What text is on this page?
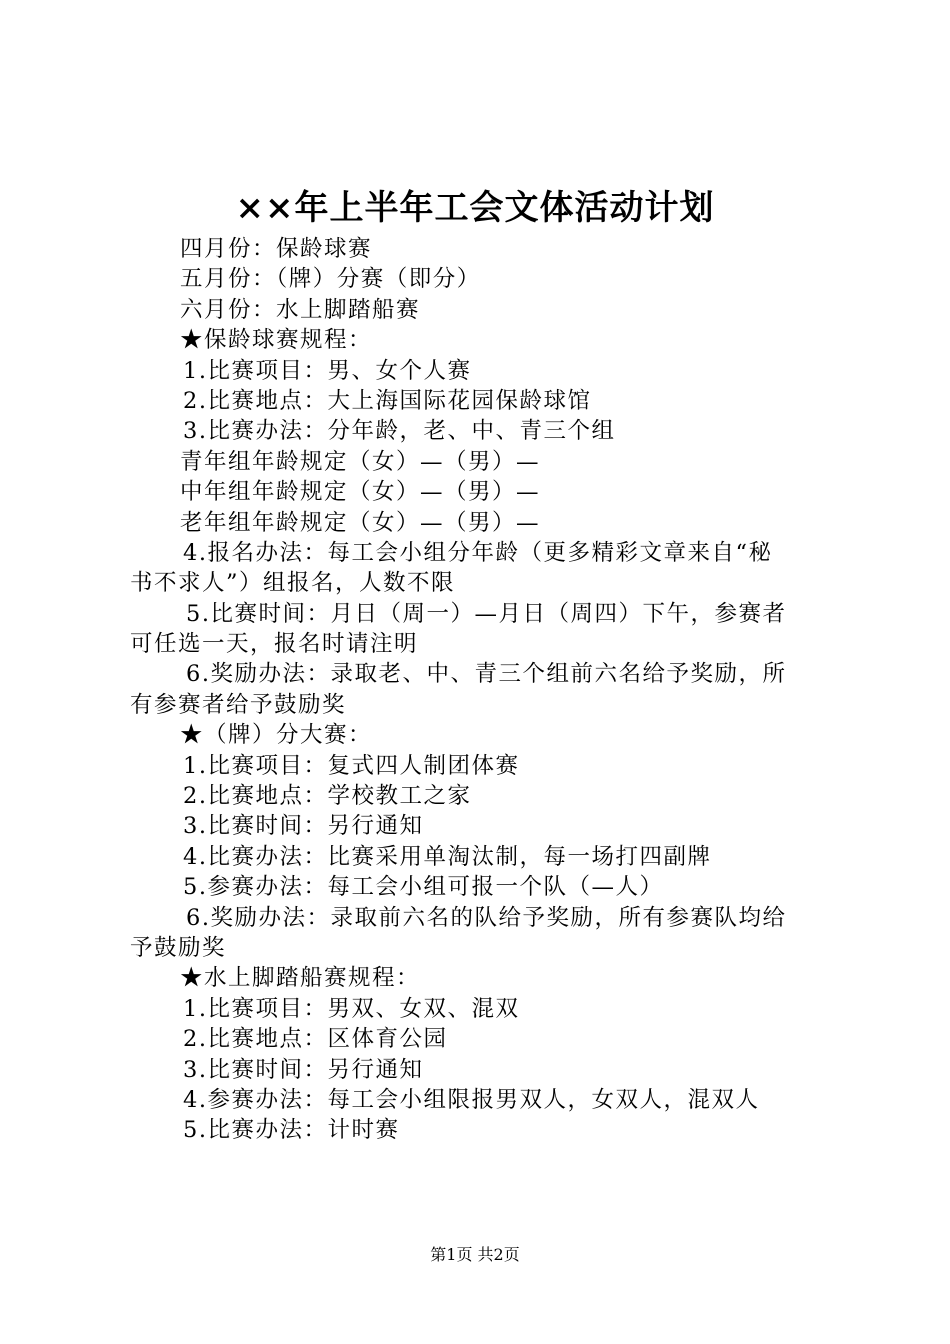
××年上半年工会文体活动计划
四月份：保龄球赛
五月份：（牌）分赛（即分）
六月份：水上脚踏船赛
★保龄球赛规程：
1.比赛项目：男、女个人赛
2.比赛地点：大上海国际花园保龄球馆
3.比赛办法：分年龄，老、中、青三个组
青年组年龄规定（女）—（男）—
中年组年龄规定（女）—（男）—
老年组年龄规定（女）—（男）—
4.报名办法：每工会小组分年龄（更多精彩文章来自“秘
书不求人”）组报名，人数不限
5.比赛时间：月日（周一）—月日（周四）下午，参赛者
可任选一天，报名时请注明
6.奖励办法：录取老、中、青三个组前六名给予奖励，所
有参赛者给予鼓励奖
★（牌）分大赛：
1.比赛项目：复式四人制团体赛
2.比赛地点：学校教工之家
3.比赛时间：另行通知
4.比赛办法：比赛采用单淘汰制，每一场打四副牌
5.参赛办法：每工会小组可报一个队（—人）
6.奖励办法：录取前六名的队给予奖励，所有参赛队均给
予鼓励奖
★水上脚踏船赛规程：
1.比赛项目：男双、女双、混双
2.比赛地点：区体育公园
3.比赛时间：另行通知
4.参赛办法：每工会小组限报男双人，女双人，混双人
5.比赛办法：计时赛
第1页 共2页
